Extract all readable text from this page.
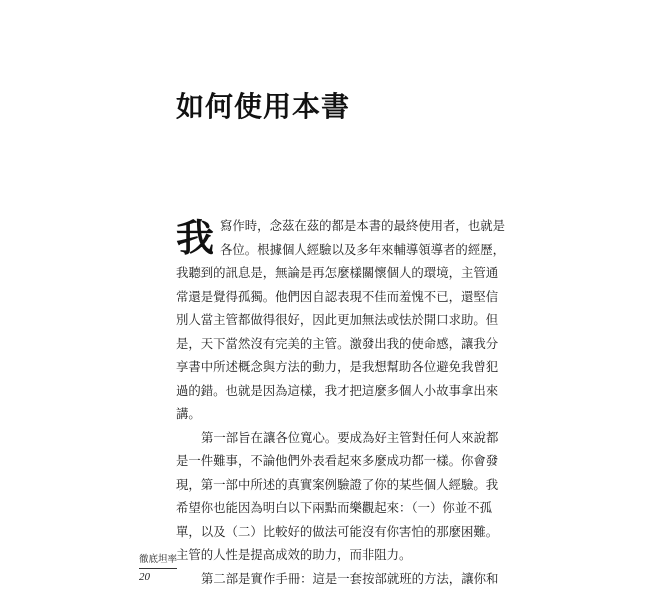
如何使用本書

我 寫作時，念茲在茲的都是本書的最終使用者，也就是
各位。根據個人經驗以及多年來輔導領導者的經歷，
我聽到的訊息是，無論是再怎麼樣關懷個人的環境，主管通
常還是覺得孤獨。他們因自認表現不佳而羞愧不已，還堅信
別人當主管都做得很好，因此更加無法或怯於開口求助。但
是，天下當然沒有完美的主管。激發出我的使命感，讓我分
享書中所述概念與方法的動力，是我想幫助各位避免我曾犯
過的錯。也就是因為這樣，我才把這麼多個人小故事拿出來
講。

第一部旨在讓各位寬心。要成為好主管對任何人來說都
是一件難事，不論他們外表看起來多麼成功都一樣。你會發
現，第一部中所述的真實案例驗證了你的某些個人經驗。我
希望你也能因為明白以下兩點而樂觀起來：（一）你並不孤
單，以及（二）比較好的做法可能沒有你害怕的那麼困難。
主管的人性是提高成效的助力，而非阻力。

第二部是實作手冊：這是一套按部就班的方法，讓你和

徹底坦率
20
